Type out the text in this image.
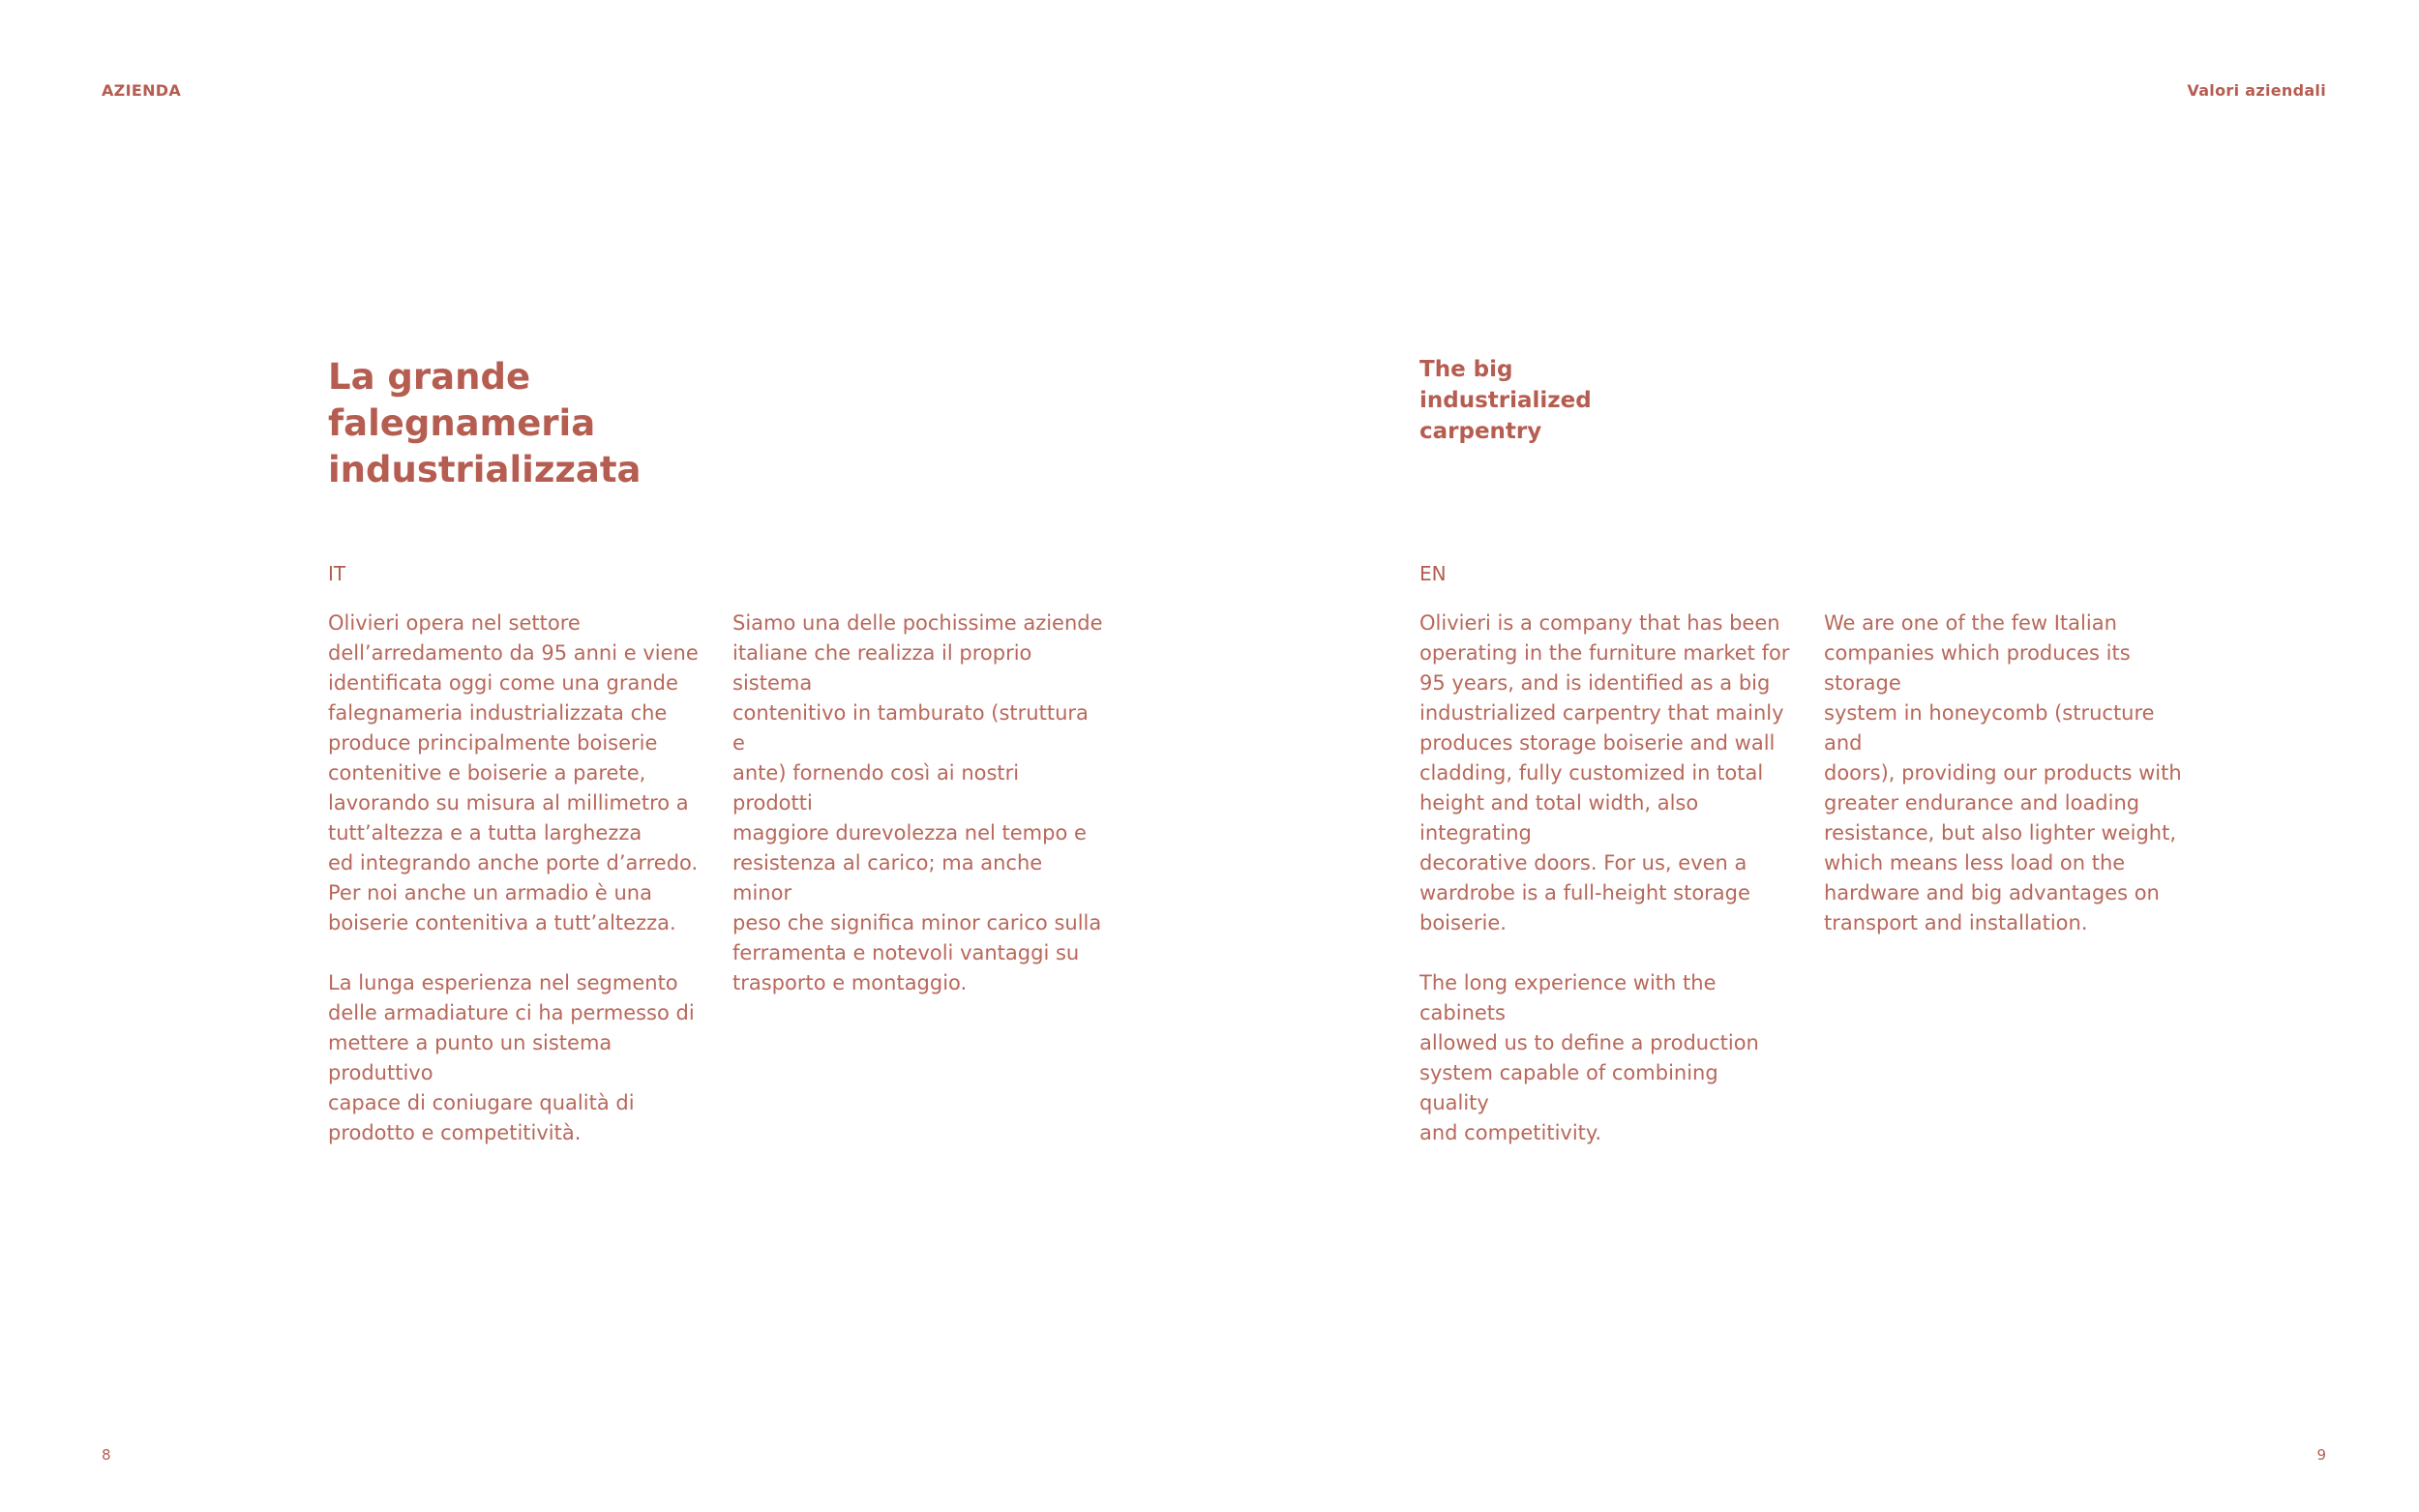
AZIENDA	Valori aziendali
La grande
falegnameria
industrializzata
The big
industrialized
carpentry
IT	EN

Olivieri opera nel settore
dell’arredamento da 95 anni e viene
identificata oggi come una grande
falegnameria industrializzata che
produce principalmente boiserie
contenitive e boiserie a parete,
lavorando su misura al millimetro a
tutt’altezza e a tutta larghezza
ed integrando anche porte d’arredo.
Per noi anche un armadio è una
boiserie contenitiva a tutt’altezza.

La lunga esperienza nel segmento
delle armadiature ci ha permesso di
mettere a punto un sistema produttivo
capace di coniugare qualità di
prodotto e competitività.

Siamo una delle pochissime aziende
italiane che realizza il proprio sistema
contenitivo in tamburato (struttura e
ante) fornendo così ai nostri prodotti
maggiore durevolezza nel tempo e
resistenza al carico; ma anche minor
peso che significa minor carico sulla
ferramenta e notevoli vantaggi su
trasporto e montaggio.

Olivieri is a company that has been
operating in the furniture market for
95 years, and is identified as a big
industrialized carpentry that mainly
produces storage boiserie and wall
cladding, fully customized in total
height and total width, also integrating
decorative doors. For us, even a
wardrobe is a full-height storage
boiserie.

The long experience with the cabinets
allowed us to define a production
system capable of combining quality
and competitivity.

We are one of the few Italian
companies which produces its storage
system in honeycomb (structure and
doors), providing our products with
greater endurance and loading
resistance, but also lighter weight,
which means less load on the
hardware and big advantages on
transport and installation.

8	9
